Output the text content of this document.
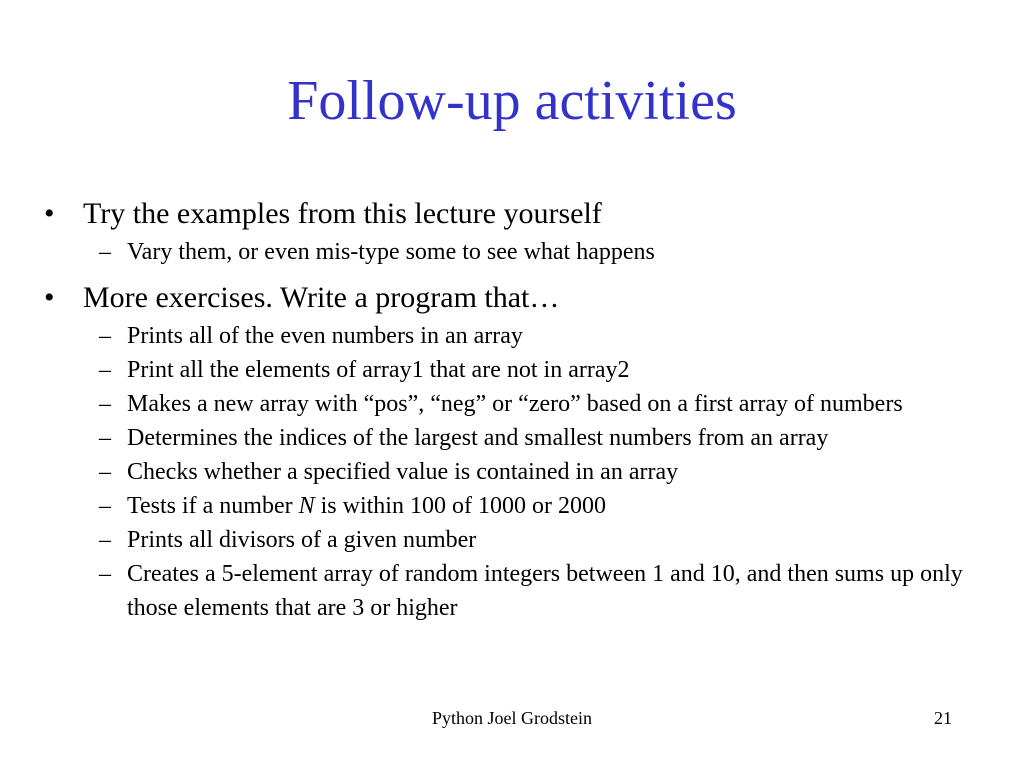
Follow-up activities
• Try the examples from this lecture yourself
– Vary them, or even mis-type some to see what happens
• More exercises. Write a program that…
– Prints all of the even numbers in an array
– Print all the elements of array1 that are not in array2
– Makes a new array with “pos”, “neg” or “zero” based on a first array of numbers
– Determines the indices of the largest and smallest numbers from an array
– Checks whether a specified value is contained in an array
– Tests if a number N is within 100 of 1000 or 2000
– Prints all divisors of a given number
– Creates a 5-element array of random integers between 1 and 10, and then sums up only those elements that are 3 or higher
Python Joel Grodstein	21
